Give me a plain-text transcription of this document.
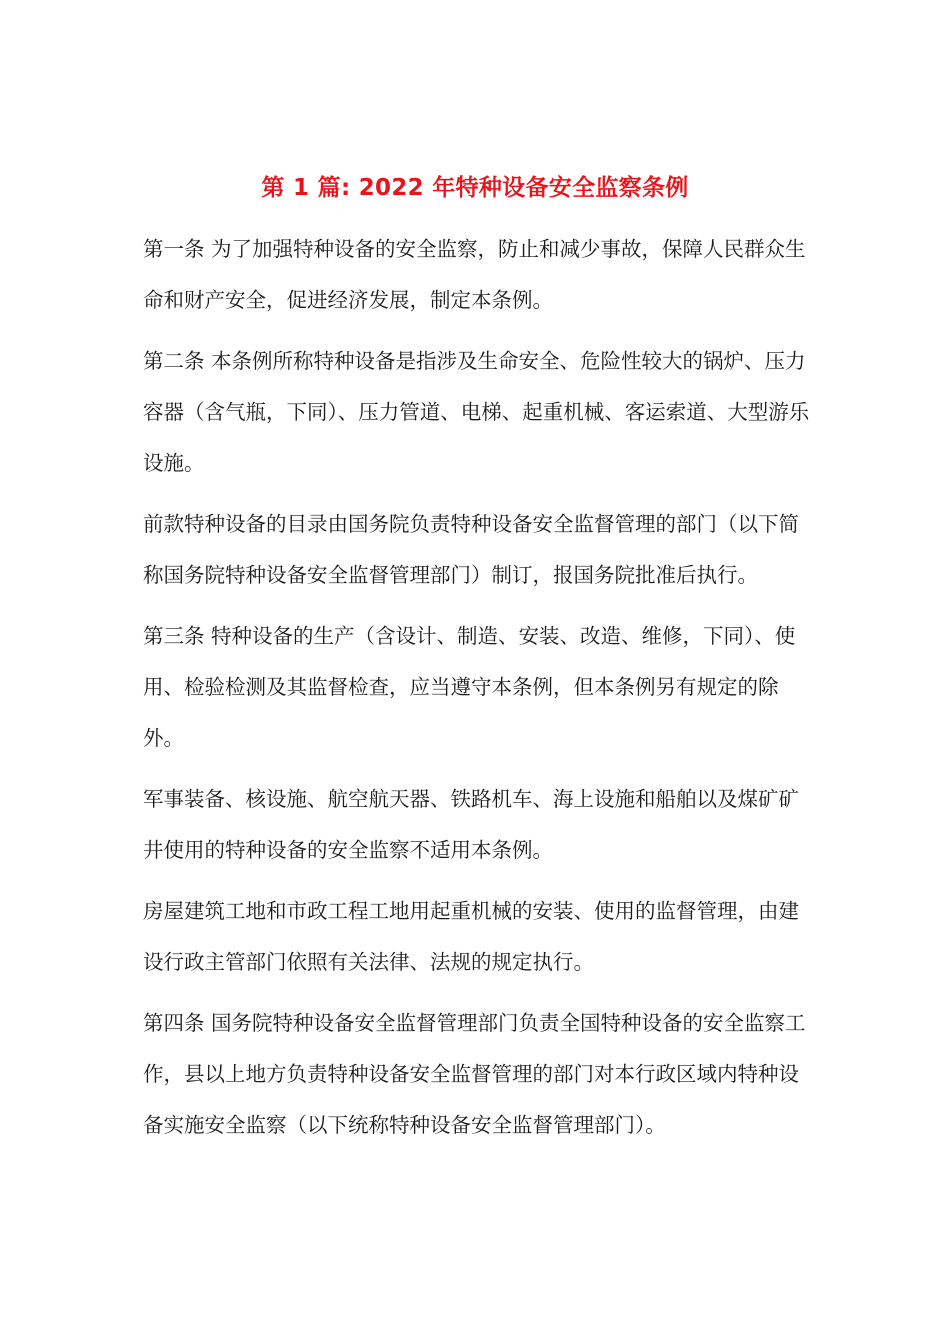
第 1 篇: 2022 年特种设备安全监察条例

第一条 为了加强特种设备的安全监察，防止和减少事故，保障人民群众生命和财产安全，促进经济发展，制定本条例。

第二条 本条例所称特种设备是指涉及生命安全、危险性较大的锅炉、压力容器（含气瓶，下同）、压力管道、电梯、起重机械、客运索道、大型游乐设施。

前款特种设备的目录由国务院负责特种设备安全监督管理的部门（以下简称国务院特种设备安全监督管理部门）制订，报国务院批准后执行。

第三条 特种设备的生产（含设计、制造、安装、改造、维修，下同）、使用、检验检测及其监督检查，应当遵守本条例，但本条例另有规定的除外。

军事装备、核设施、航空航天器、铁路机车、海上设施和船舶以及煤矿矿井使用的特种设备的安全监察不适用本条例。

房屋建筑工地和市政工程工地用起重机械的安装、使用的监督管理，由建设行政主管部门依照有关法律、法规的规定执行。

第四条 国务院特种设备安全监督管理部门负责全国特种设备的安全监察工作，县以上地方负责特种设备安全监督管理的部门对本行政区域内特种设备实施安全监察（以下统称特种设备安全监督管理部门）。
